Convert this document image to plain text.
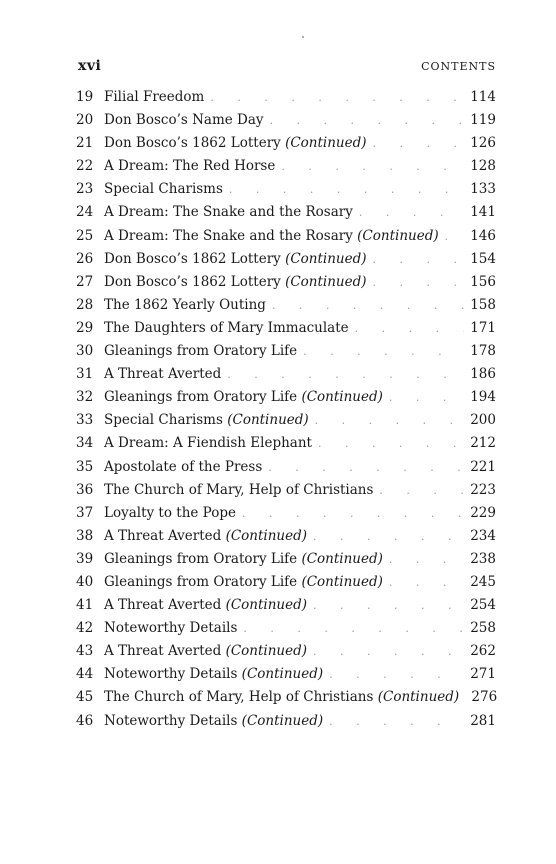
xvi	CONTENTS
19 Filial Freedom . . .	114
20 Don Bosco’s Name Day . . .	119
21 Don Bosco’s 1862 Lottery (Continued) . . .	126
22 A Dream: The Red Horse . . .	128
23 Special Charisms . . .	133
24 A Dream: The Snake and the Rosary . . .	141
25 A Dream: The Snake and the Rosary (Continued) . . . 146
26 Don Bosco’s 1862 Lottery (Continued) . . .	154
27 Don Bosco’s 1862 Lottery (Continued) . . .	156
28 The 1862 Yearly Outing . . .	158
29 The Daughters of Mary Immaculate . . .	171
30 Gleanings from Oratory Life . . .	178
31 A Threat Averted . . .	186
32 Gleanings from Oratory Life (Continued) . . .	194
33 Special Charisms (Continued) . . .	200
34 A Dream: A Fiendish Elephant . . .	212
35 Apostolate of the Press . . .	221
36 The Church of Mary, Help of Christians . . .	223
37 Loyalty to the Pope . . .	229
38 A Threat Averted (Continued) . . .	234
39 Gleanings from Oratory Life (Continued) . . .	238
40 Gleanings from Oratory Life (Continued) . . .	245
41 A Threat Averted (Continued) . . .	254
42 Noteworthy Details . . .	258
43 A Threat Averted (Continued) . . .	262
44 Noteworthy Details (Continued) . . .	271
45 The Church of Mary, Help of Christians (Continued) 276
46 Noteworthy Details (Continued) . . .	281
